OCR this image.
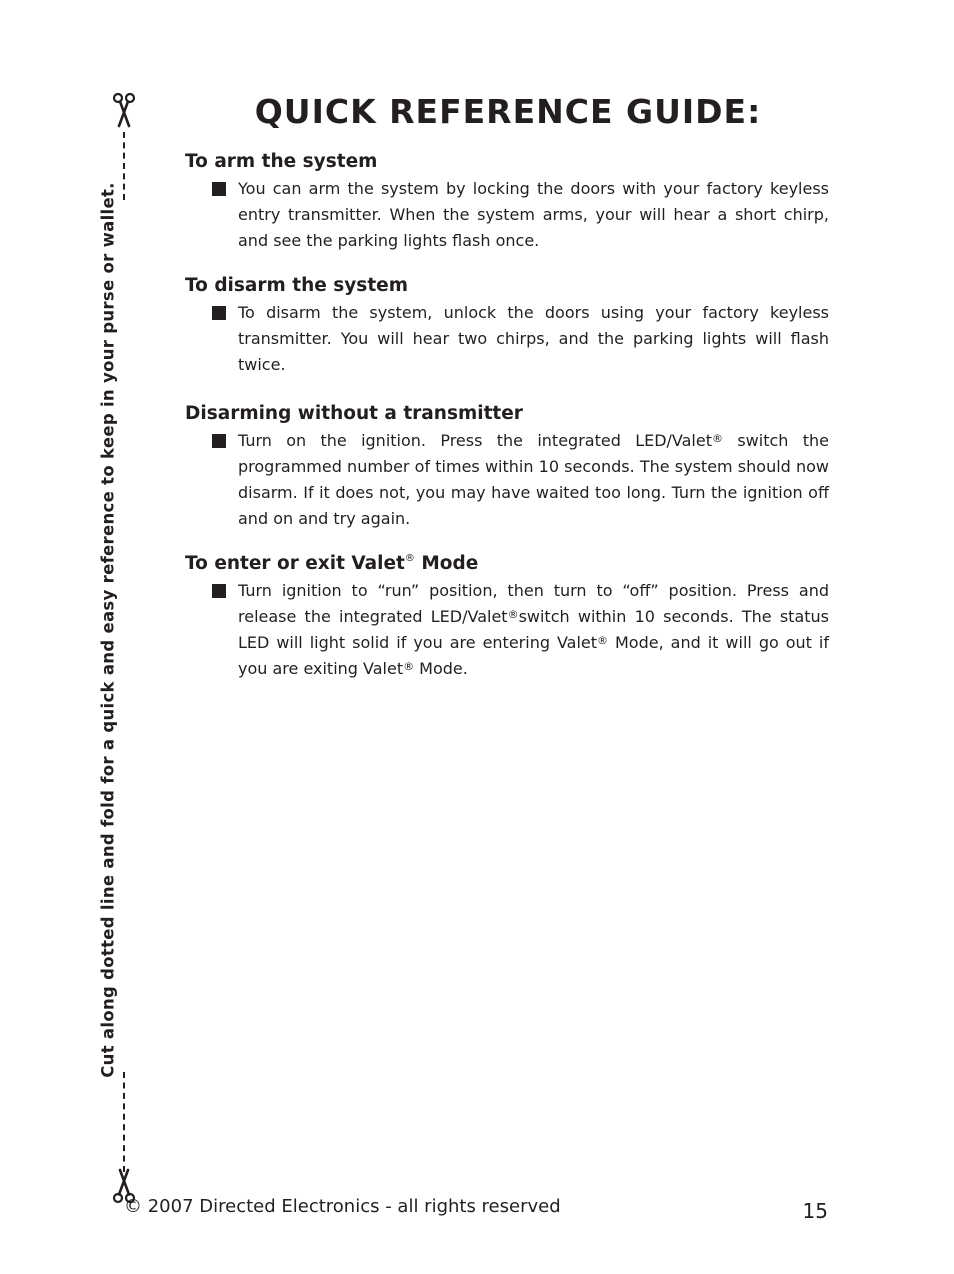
Cut along dotted line and fold for a quick and easy reference to keep in your purse or wallet.
QUICK REFERENCE GUIDE:

To arm the system

You can arm the system by locking the doors with your factory keyless entry transmitter. When the system arms, your will hear a short chirp, and see the parking lights flash once.

To disarm the system

To disarm the system, unlock the doors using your factory keyless transmitter. You will hear two chirps, and the parking lights will flash twice.

Disarming without a transmitter

Turn on the ignition. Press the integrated LED/Valet® switch the programmed number of times within 10 seconds. The system should now disarm. If it does not, you may have waited too long. Turn the ignition off and on and try again.

To enter or exit Valet® Mode

Turn ignition to “run” position, then turn to “off” position. Press and release the integrated LED/Valet®switch within 10 seconds. The status LED will light solid if you are entering Valet® Mode, and it will go out if you are exiting Valet® Mode.

© 2007 Directed Electronics - all rights reserved	15
